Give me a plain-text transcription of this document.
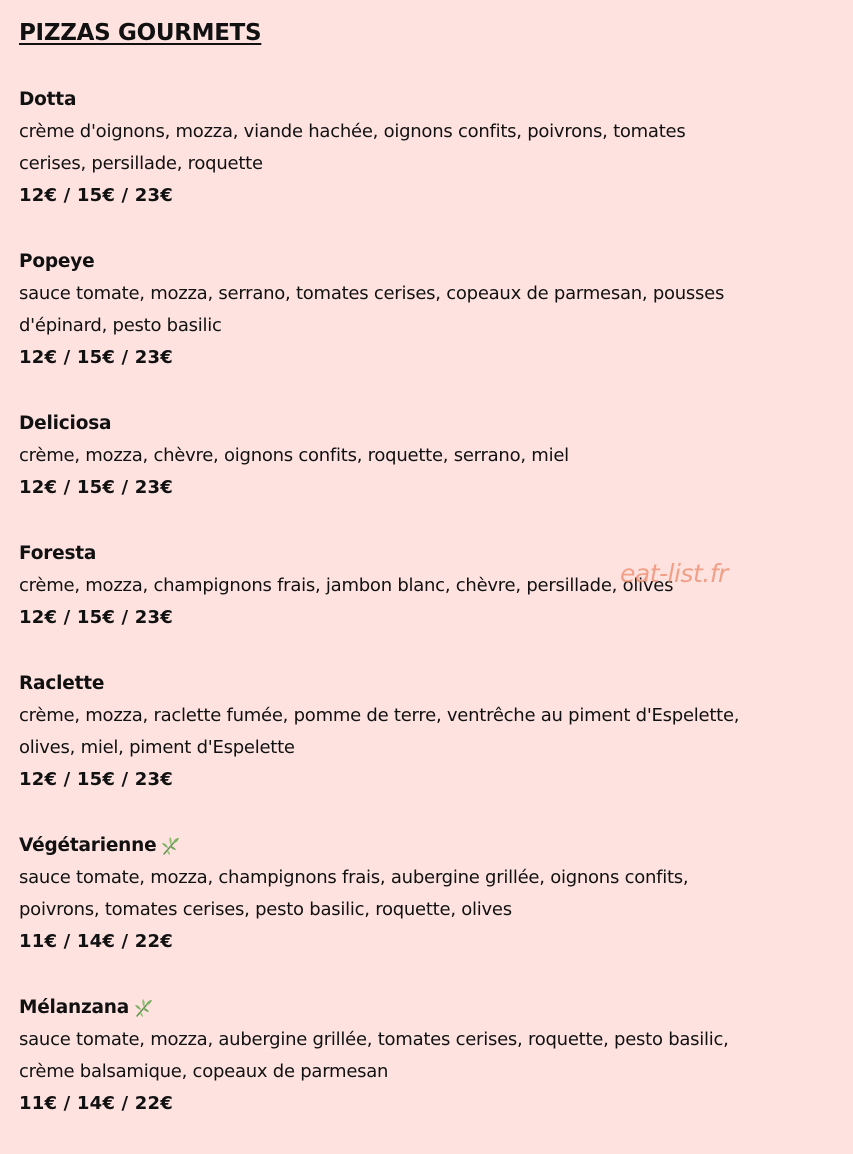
PIZZAS GOURMETS
Dotta
crème d'oignons, mozza, viande hachée, oignons confits, poivrons, tomates cerises, persillade, roquette
12€ / 15€ / 23€
Popeye
sauce tomate, mozza, serrano, tomates cerises, copeaux de parmesan, pousses d'épinard, pesto basilic
12€ / 15€ / 23€
Deliciosa
crème, mozza, chèvre, oignons confits, roquette, serrano, miel
12€ / 15€ / 23€
Foresta
crème, mozza, champignons frais, jambon blanc, chèvre, persillade, olives
12€ / 15€ / 23€
Raclette
crème, mozza, raclette fumée, pomme de terre, ventrêche au piment d'Espelette, olives, miel, piment d'Espelette
12€ / 15€ / 23€
Végétarienne
sauce tomate, mozza, champignons frais, aubergine grillée, oignons confits, poivrons, tomates cerises, pesto basilic, roquette, olives
11€ / 14€ / 22€
Mélanzana
sauce tomate, mozza, aubergine grillée, tomates cerises, roquette, pesto basilic, crème balsamique, copeaux de parmesan
11€ / 14€ / 22€
eat-list.fr
